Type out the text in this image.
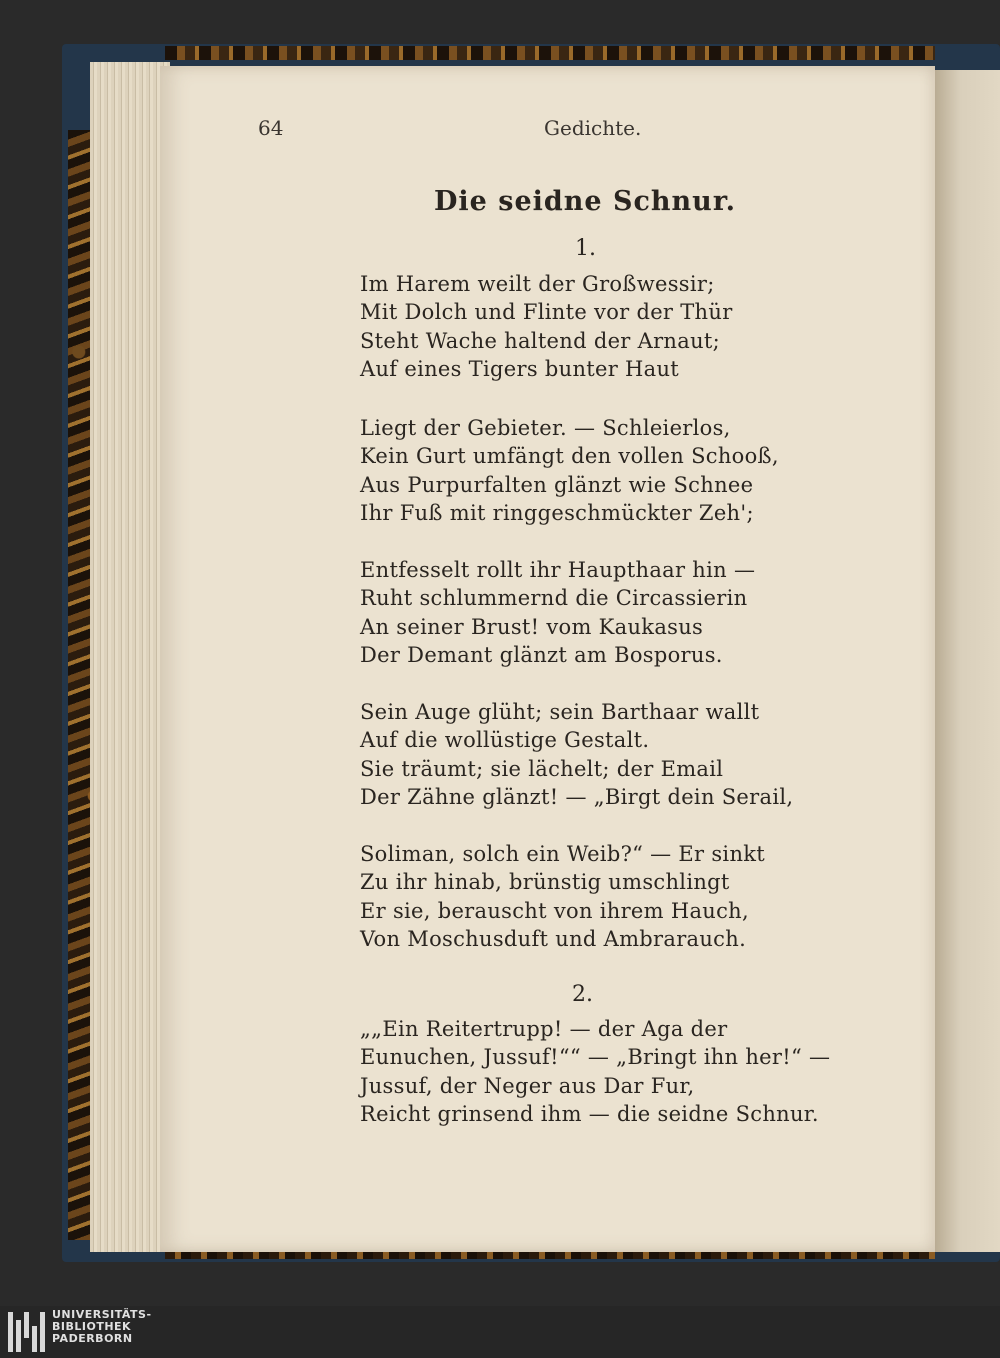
64	Gedichte.
Die seidne Schnur.
1.
Im Harem weilt der Großwessir;
Mit Dolch und Flinte vor der Thür
Steht Wache haltend der Arnaut;
Auf eines Tigers bunter Haut
Liegt der Gebieter. — Schleierlos,
Kein Gurt umfängt den vollen Schooß,
Aus Purpurfalten glänzt wie Schnee
Ihr Fuß mit ringgeschmückter Zeh';
Entfesselt rollt ihr Haupthaar hin —
Ruht schlummernd die Circassierin
An seiner Brust! vom Kaukasus
Der Demant glänzt am Bosporus.
Sein Auge glüht; sein Barthaar wallt
Auf die wollüstige Gestalt.
Sie träumt; sie lächelt; der Email
Der Zähne glänzt! — „Birgt dein Serail,
Soliman, solch ein Weib?“ — Er sinkt
Zu ihr hinab, brünstig umschlingt
Er sie, berauscht von ihrem Hauch,
Von Moschusduft und Ambrarauch.
2.
„„Ein Reitertrupp! — der Aga der
Eunuchen, Jussuf!““ — „Bringt ihn her!“ —
Jussuf, der Neger aus Dar Fur,
Reicht grinsend ihm — die seidne Schnur.
UNIVERSITÄTS-
BIBLIOTHEK
PADERBORN
